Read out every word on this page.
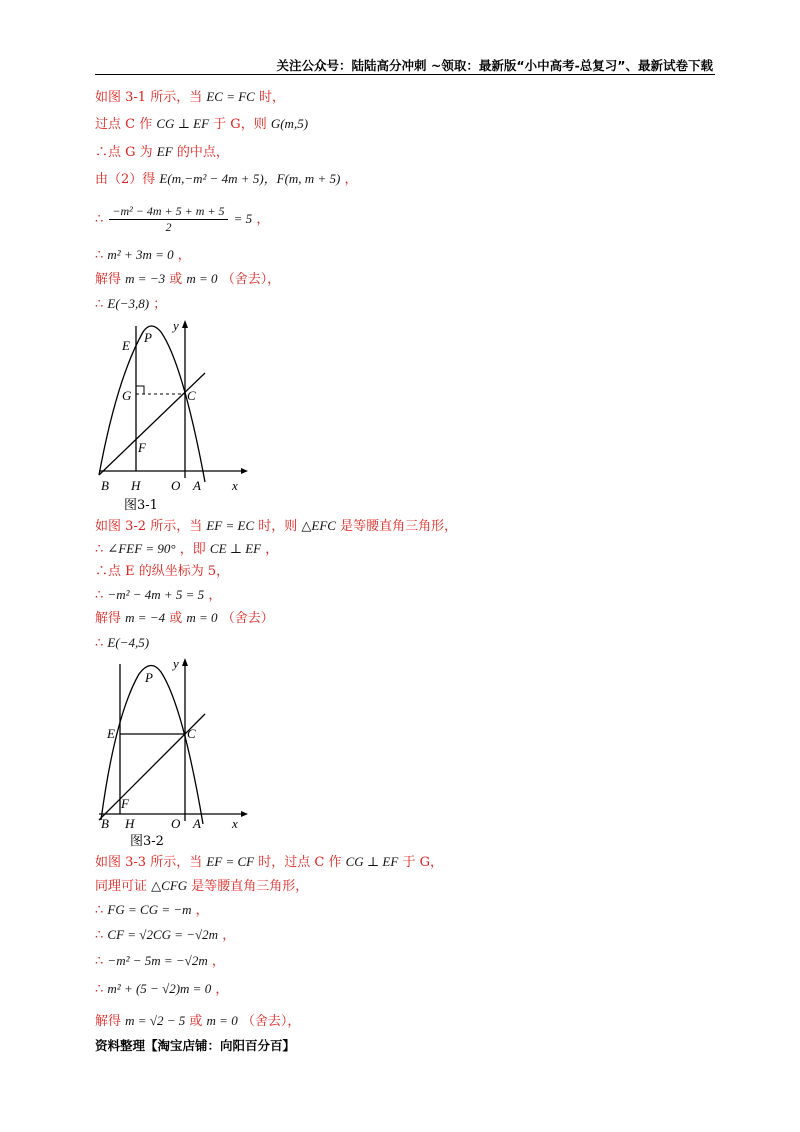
关注公众号：陆陆高分冲刺 ~领取：最新版“小中高考-总复习”、最新试卷下载
如图 3-1 所示，当 EC = FC 时，
过点 C 作 CG ⊥ EF 于 G，则 G(m,5)
∴点 G 为 EF 的中点，
由（2）得 E(m,−m² − 4m + 5)，F(m, m + 5) ，
∴ $\frac{\text{−m² − 4m + 5 + m + 5}}{2} = 5$ ，
∴ m² + 3m = 0 ，
解得 m = −3 或 m = 0 （舍去），
∴ E(−3,8) ；
E
P
y
G	C
F
B H O A x
图3-1
如图 3-2 所示，当 EF = EC 时，则 △EFC 是等腰直角三角形，
∴ ∠FEF = 90° ，即 CE ⊥ EF ，
∴点 E 的纵坐标为 5，
∴ −m² − 4m + 5 = 5 ，
解得 m = −4 或 m = 0 （舍去）
∴ E(−4,5)
P
y
E	C
F
B H	O A x
图3-2
如图 3-3 所示，当 EF = CF 时，过点 C 作 CG ⊥ EF 于 G，
同理可证 △CFG 是等腰直角三角形，
∴ FG = CG = −m ，
∴ CF = √2CG = −√2m ，
∴ −m² − 5m = −√2m ，
∴ m² + (5 − √2)m = 0 ，
解得 m = √2 − 5 或 m = 0 （舍去），
资料整理【淘宝店铺：向阳百分百】
